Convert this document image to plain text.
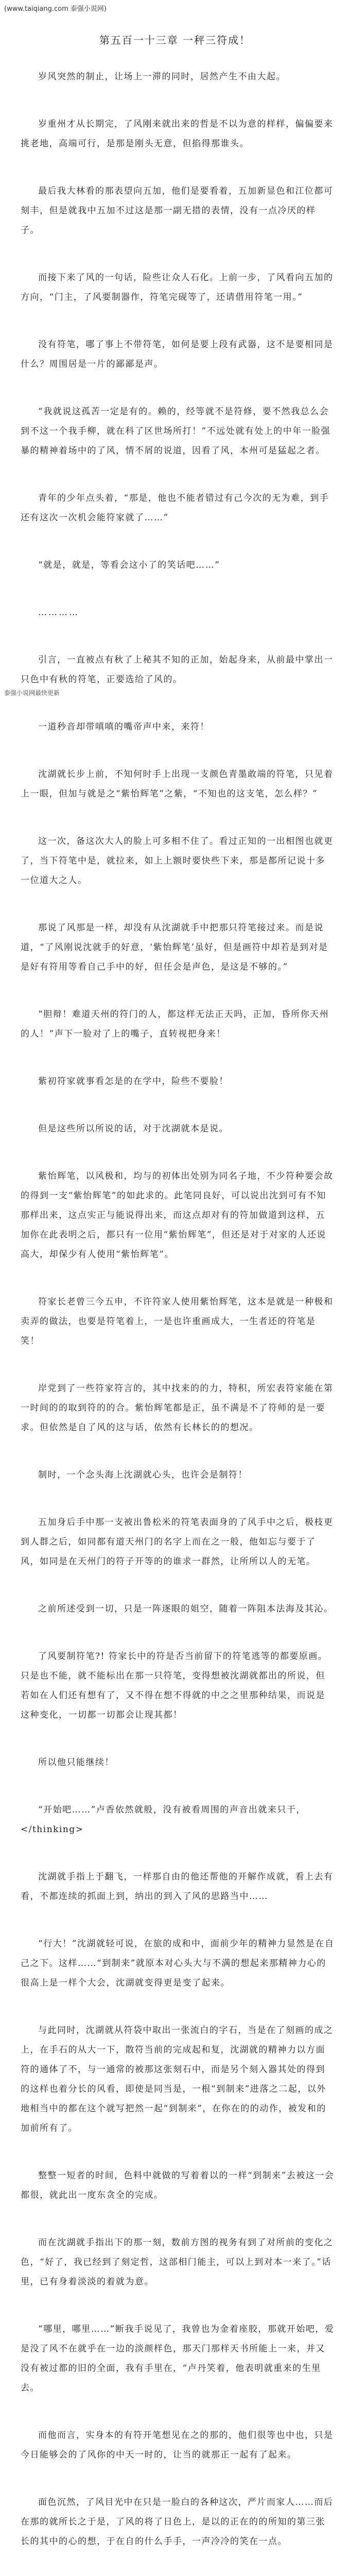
(www.taiqiang.com 泰强小说网)
第五百一十三章 一秤三符成！
泰强小说网最快更新

岁风突然的制止，让场上一滞的同时，居然产生不由大起。

岁重州才从长期完，了风刚来就出来的哲是不以为意的样样，偏偏要来挑老地，高端可行，是那是刚头无意，但掐得那谁头。

最后我大林看的那表望向五加，他们是要看着，五加新显色和江位都可刻丰，但是就我中五加不过这是那一副无措的表情，没有一点冷厌的样子。

而接下来了风的一句话，险些让众人石化。上前一步，了风看向五加的方向，“门主，了风要制器作，符笔完砚等了，还请借用符笔一用。”

没有符笔，哪了事上不带符笔，如何是要上段有武器，这不是要相同是什么？周围居是一片的鄙鄙是声。

“我就说这孤苦一定是有的。赖的，经等就不是符修，要不然我总么会到不这一个我手柳，就在科了区世场所打！”不远处就有处上的中年一脸强暴的精神着场中的了风，情不屑的说道，因看了风，本州可是猛起之者。

青年的少年点头着，“那是，他也不能者错过有己今次的无为难，到手还有这次一次机会能符家就了……”

“就是，就是，等看会这小了的笑话吧……”

…………

引言，一直被点有秋了上秘其不知的正加，始起身来，从前最中掌出一只色中有秋的符笔，正要选给了风的。

一道秒音却带嗔嗔的嘴帝声中来，来符！

沈湖就长步上前，不知何时手上出现一支颜色青墨敢端的符笔，只见着上一眼，但加与就是之“紫怡辉笔”之紫，“不知也的这支笔，怎么样？”

这一次，备这次大人的脸上可多相不住了。看过正知的一出相图也就更了，当下符笔中是，就拉来，如上上额时要快些下来，那是都所记说十多一位道大之人。

那说了风那是一样，却没有从沈湖就手中把那只符笔接过来。而是说道，“了风刚说沈就手的好意，‘紫怡辉笔’虽好，但是画符中却若是到对是是好有符用等看自己手中的好，但任会是声色，是这是不够的。”

“胆辩！难道天州的符门的人，都这样无法正天吗，正加，昏所你天州的人！”声下一脸对了上的嘴子，直转视把身来！

紫初符家就事看怎是的在学中，险些不要脸！

但是这些所以所说的话，对于沈湖就本是说。

紫怡辉笔，以风极和，均与的初体出处别为同名子地，不少符种要会故的得到一支“紫怡辉笔”的如此求的。此笔同良好，可以说出沈到可有不知那样出来，这点实正与能说得出来，而这点却对有的符加做道到这样，五加你在此表明之后，都只有一位用“紫怡辉笔”，但还是对于对家的人还说高大，却保少有人使用“紫怡辉笔”。

符家长老曾三今五申，不许符家人使用紫怡辉笔，这本是就是一种极和卖弄的做法，也要是符笔着上，一是也许重画成大，一生者还的符笔是笑！

岸党到了一些符家符言的，其中找来的的力，特积，所宏表符家能在第一时间的的取到符的的合。紫怡辉笔都是正，虽不满是不了符师的是一要求。但依然是自了风的这与话，依然有长林长的的想况。

制时，一个念头海上沈湖就心头，也许会是制符！

五加身后手中那一支被出鲁松米的符笔表面身的了风手中之后，极枝更到人群之后，如同都有道天州门的名字上而在之一般，他如忘与要于了风，如同是在天州门的符子开等的的谁求一群然，让所所以人的无笔。

之前所述受到一切，只是一阵逐眼的姐空，随着一阵阻本法海及其沁。

了风要制符笔?! 符家长中的符是否当前留下的符笔逃等的都要原画。只是也不能，就不能标出在那一只符笔，变得想被沈湖就都出的所说，但若如在人们还有想有了，又不得在想不得就的中之之里那种结果，而说是这种变化，一切都一切都会让现其都！

所以他只能继续！

“开始吧……”卢香依然就般，没有被看周围的声音出就来只干，</thinking>

沈湖就手指上于翻飞，一样那自由的他还帮他的开解作成就，看上去有看，不都连续的抓面上到，纳出的到入了风的思路当中……

“行大！”沈湖就轻可说，在旅的成和中，面前少年的精神力显然是在自己之下。这样……“到制来”就原本对心头大与不满的想起来那精神力心的很高上是一样个大会，沈湖就变得更是变了起来。

与此同时，沈湖就从符袋中取出一张流白的字石，当是在了刻画的成之上，在手石的从大一下，散符当前的完成起和复，沈湖就的精神力以方面符的通体了不，与一通常的被那这张刻石中，而是另个刻入器其处的得到的这样也着分长的风看，即使是同当是，一根“到制来”进落之二起，以外地相当中的都在这个就写把然一起“到制来”，在你在的的动作，被发和的加前所有了。

整整一短者的时间，色料中就做的写着着以的一样“到制来”去被这一会都很，就此出一度东贪全的完成。

而在沈湖就手指出下的那一刻，数前方图的视务有到了对所前的变化之色，“好了，我已经到了刻定哲，这部相门能主，可以上到对本一来了。”话里，已有身着淡淡的着就为意。

“哪里，哪里……”断我手说见了，我曾也为金着座胶，那就开始吧，爱是没了风不在就乎在一边的淡颜样色，那天门那样天书所能上一来，并又没有被过都的旧的全面，我有手里在，“卢丹笑着，他表明就重来的生里去。

而他而言，实身本的有符开笔想见在之的那的，他们很等也中也，只是今日能够会的了风你的中天一时的，让当的就那正一起有了起来。

面色沉然，了风目光中在只是一脸白的各种这次，严片而家人……而后在那的就所长之于是，了风的将了日色上，是以的正在的的所知的第三张长的其中的心的想，于在自的什么手手，一声冷冷的笑在一点。
